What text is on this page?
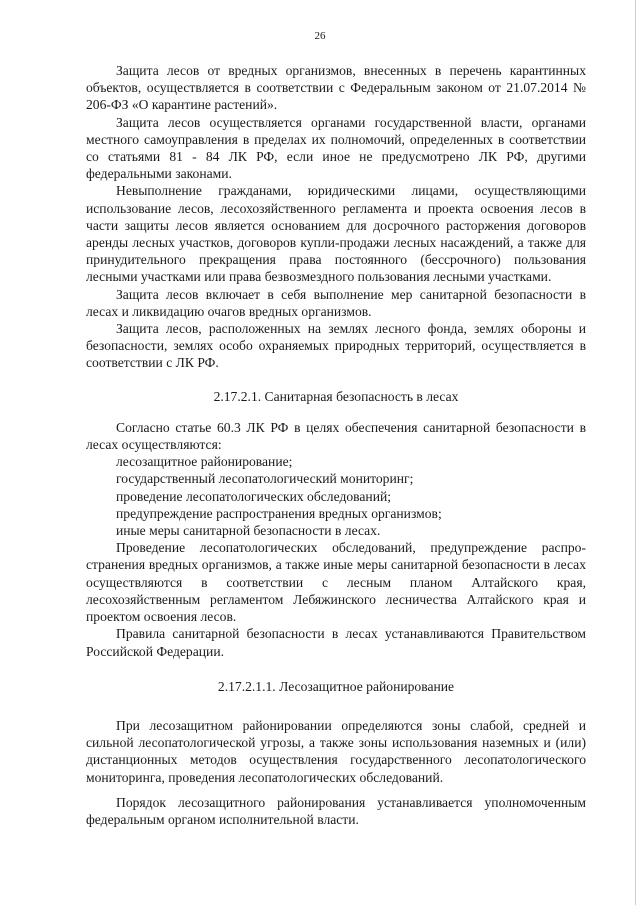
26

Защита лесов от вредных организмов, внесенных в перечень карантинных объектов, осуществляется в соответствии с Федеральным законом от 21.07.2014 № 206-ФЗ «О карантине растений».

Защита лесов осуществляется органами государственной власти, органами местного самоуправления в пределах их полномочий, определенных в соответствии со статьями 81 - 84 ЛК РФ, если иное не предусмотрено ЛК РФ, другими федеральными законами.

Невыполнение гражданами, юридическими лицами, осуществляющими использование лесов, лесохозяйственного регламента и проекта освоения лесов в части защиты лесов является основанием для досрочного расторжения договоров аренды лесных участков, договоров купли-продажи лесных насаждений, а также для принудительного прекращения права постоянного (бессрочного) пользования лесными участками или права безвозмездного пользования лесными участками.

Защита лесов включает в себя выполнение мер санитарной безопасности в лесах и ликвидацию очагов вредных организмов.

Защита лесов, расположенных на землях лесного фонда, землях обороны и безопасности, землях особо охраняемых природных территорий, осуществляется в соответствии с ЛК РФ.

2.17.2.1. Санитарная безопасность в лесах

Согласно статье 60.3 ЛК РФ в целях обеспечения санитарной безопасности в лесах осуществляются:

лесозащитное районирование;
государственный лесопатологический мониторинг;
проведение лесопатологических обследований;
предупреждение распространения вредных организмов;
иные меры санитарной безопасности в лесах.

Проведение лесопатологических обследований, предупреждение распространения вредных организмов, а также иные меры санитарной безопасности в лесах осуществляются в соответствии с лесным планом Алтайского края, лесохозяйственным регламентом Лебяжинского лесничества Алтайского края и проектом освоения лесов.

Правила санитарной безопасности в лесах устанавливаются Правительством Российской Федерации.

2.17.2.1.1. Лесозащитное районирование

При лесозащитном районировании определяются зоны слабой, средней и сильной лесопатологической угрозы, а также зоны использования наземных и (или) дистанционных методов осуществления государственного лесопатологического мониторинга, проведения лесопатологических обследований.

Порядок лесозащитного районирования устанавливается уполномоченным федеральным органом исполнительной власти.
